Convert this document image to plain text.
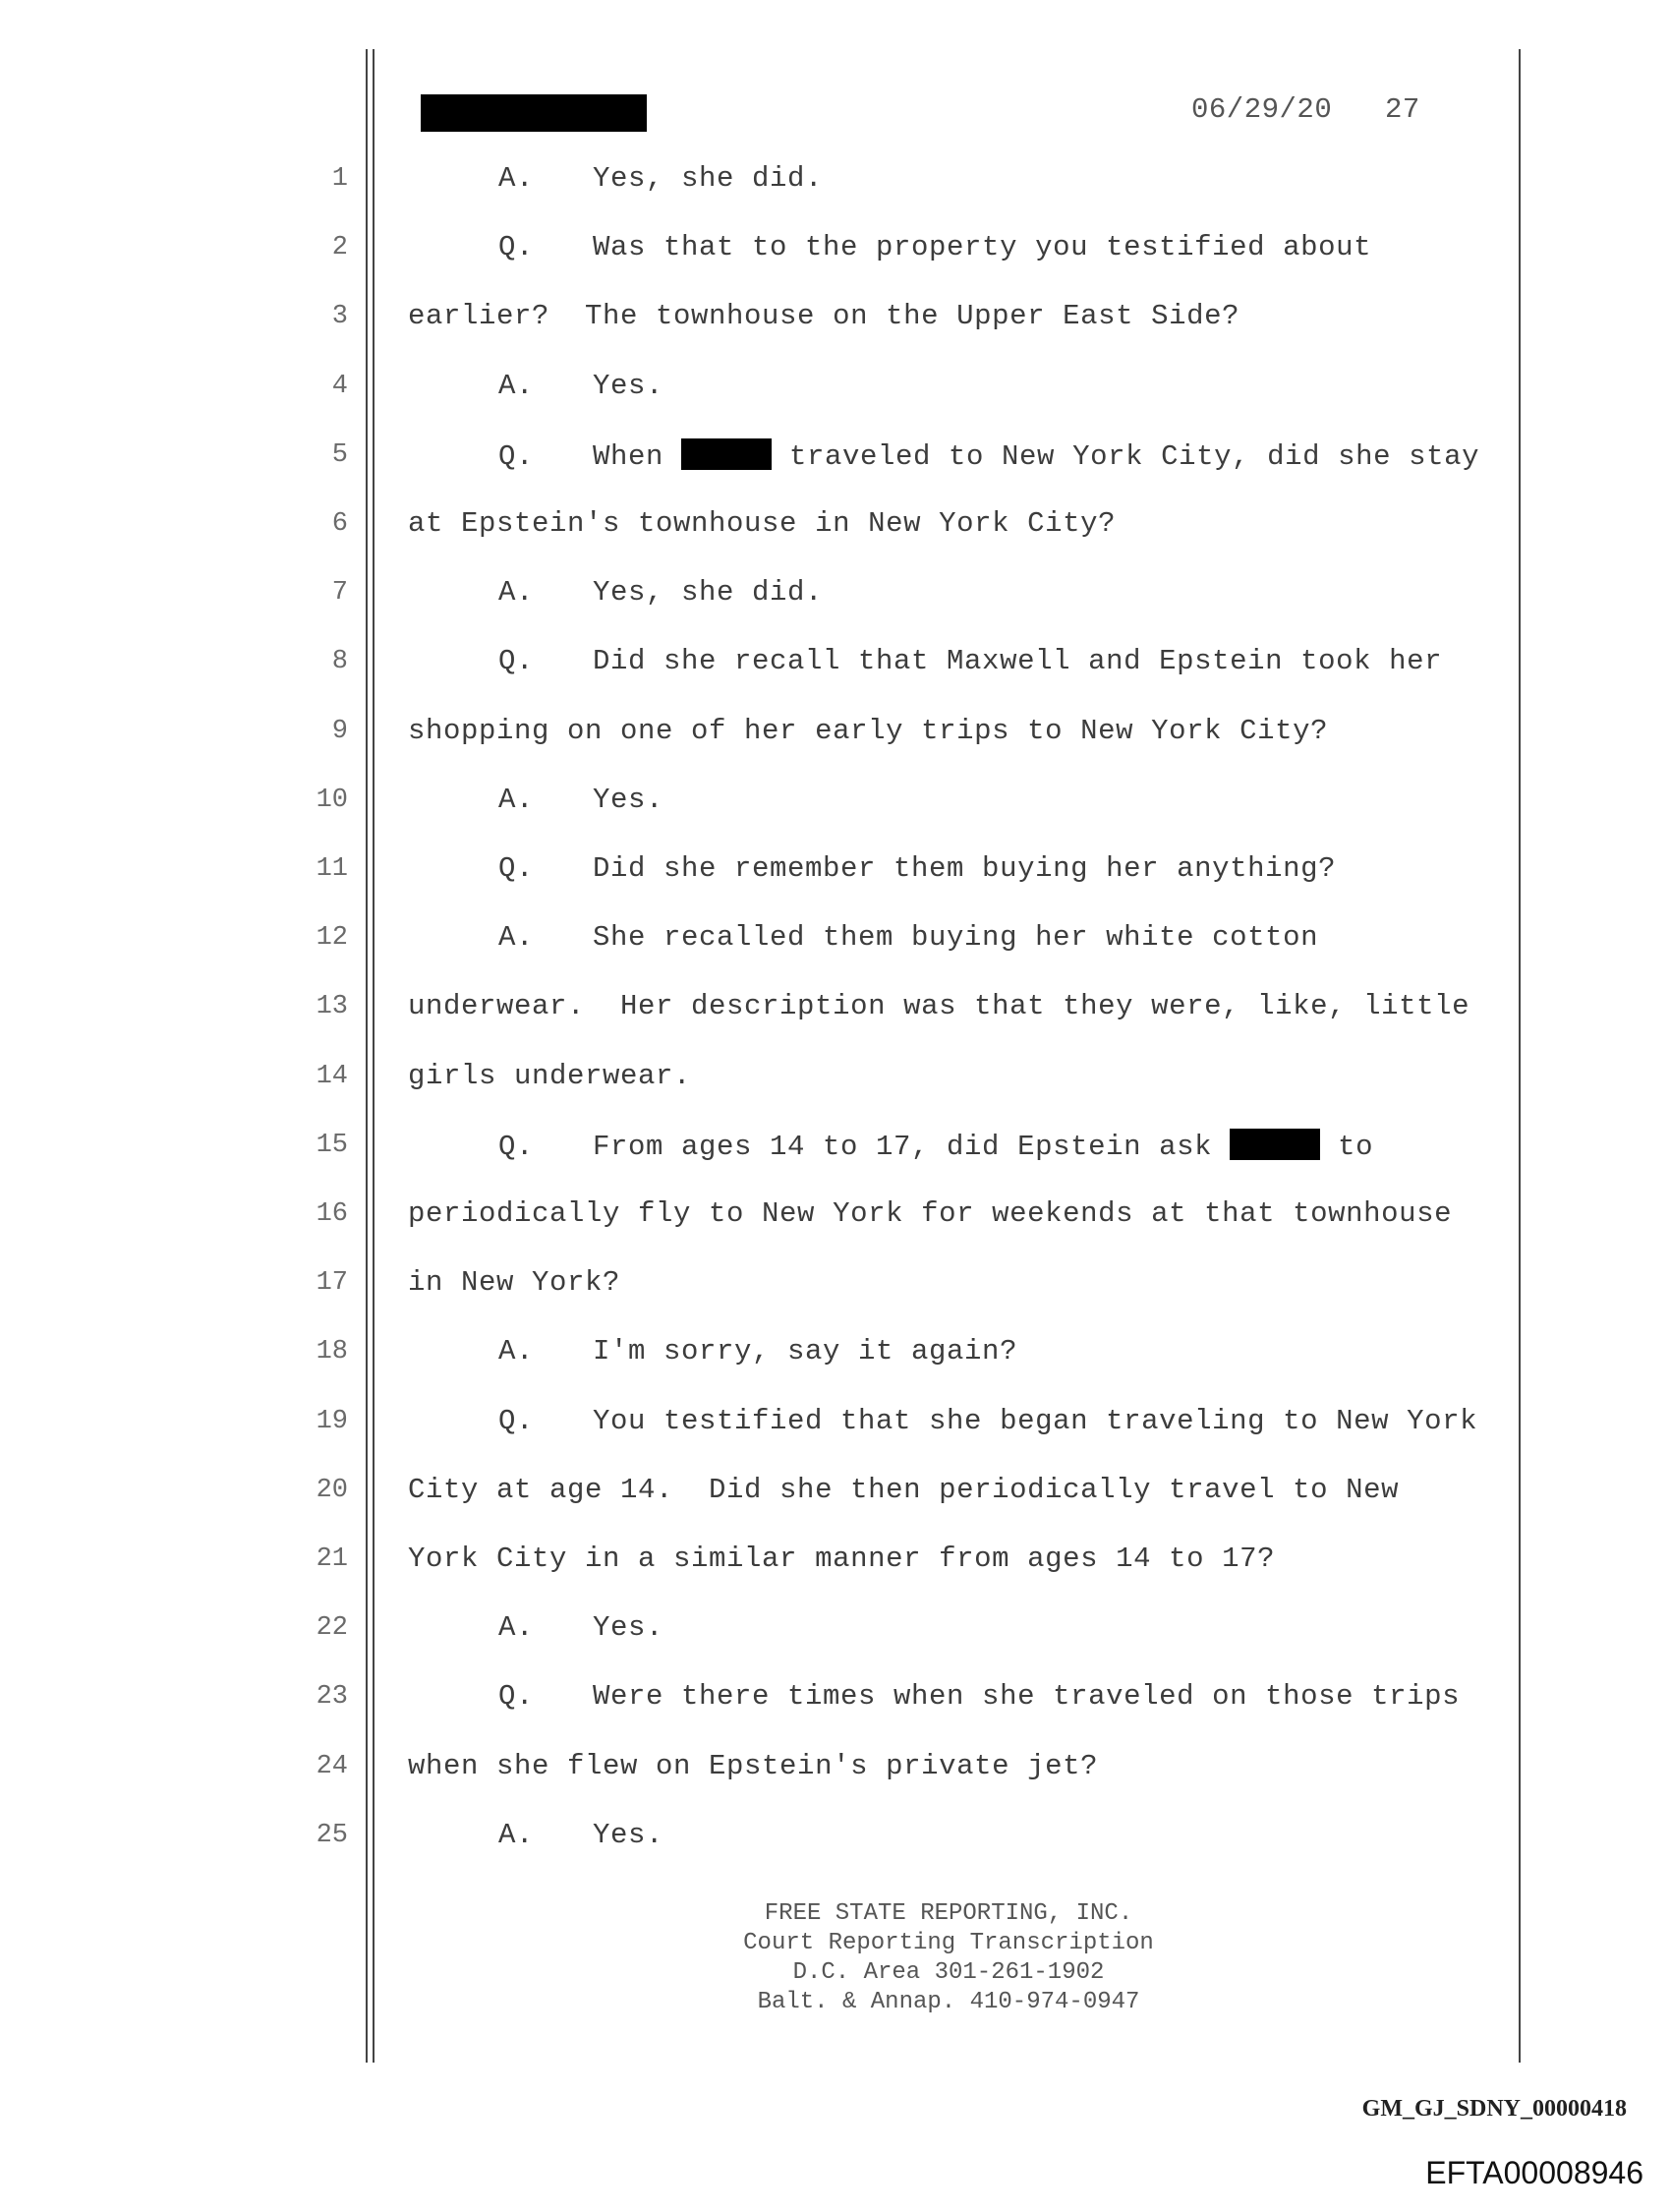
06/29/20 27
1	A. Yes, she did.
2	Q. Was that to the property you testified about
3 earlier?  The townhouse on the Upper East Side?
4	A. Yes.
5	Q. When	traveled to New York City, did she stay
6 at Epstein's townhouse in New York City?
7	A. Yes, she did.
8	Q. Did she recall that Maxwell and Epstein took her
9 shopping on one of her early trips to New York City?
10	A. Yes.
11	Q. Did she remember them buying her anything?
12	A. She recalled them buying her white cotton
13 underwear.  Her description was that they were, like, little
14 girls underwear.
15	Q. From ages 14 to 17, did Epstein ask	to
16 periodically fly to New York for weekends at that townhouse
17 in New York?
18	A. I'm sorry, say it again?
19	Q. You testified that she began traveling to New York
20 City at age 14.  Did she then periodically travel to New
21 York City in a similar manner from ages 14 to 17?
22	A. Yes.
23	Q. Were there times when she traveled on those trips
24 when she flew on Epstein's private jet?
25	A. Yes.
FREE STATE REPORTING, INC.
Court Reporting Transcription
D.C. Area 301-261-1902
Balt. & Annap. 410-974-0947
GM_GJ_SDNY_00000418
EFTA00008946
